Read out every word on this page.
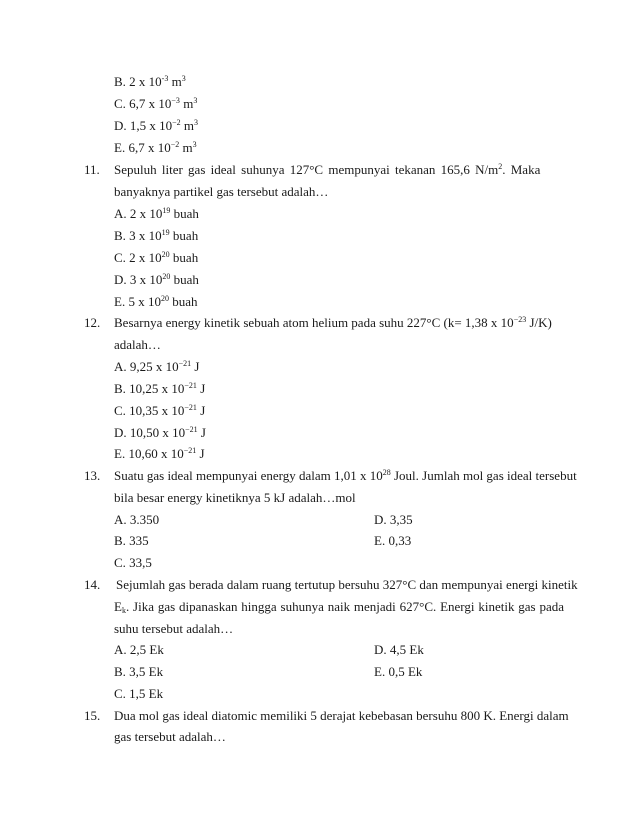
B. 2 x $10^{-3}$ $m^3$
C. 6,7 x $10^{-3}$ $m^3$
D. 1,5 x $10^{-2}$ $m^3$
E. 6,7 x $10^{-2}$ $m^3$
11. Sepuluh liter gas ideal suhunya 127°C mempunyai tekanan 165,6 $N/m^2$. Maka
banyaknya partikel gas tersebut adalah…
A. 2 x $10^{19}$ buah
B. 3 x $10^{19}$ buah
C. 2 x $10^{20}$ buah
D. 3 x $10^{20}$ buah
E. 5 x $10^{20}$ buah
12. Besarnya energy kinetik sebuah atom helium pada suhu 227°C (k= 1,38 x $10^{-23}$ J/K)
adalah…
A. 9,25 x $10^{-21}$ J
B. 10,25 x $10^{-21}$ J
C. 10,35 x $10^{-21}$ J
D. 10,50 x $10^{-21}$ J
E. 10,60 x $10^{-21}$ J
13. Suatu gas ideal mempunyai energy dalam 1,01 x $10^{28}$ Joul. Jumlah mol gas ideal tersebut
bila besar energy kinetiknya 5 kJ adalah…mol
A. 3.350	D. 3,35
B. 335	E. 0,33
C. 33,5
14. Sejumlah gas berada dalam ruang tertutup bersuhu 327°C dan mempunyai energi kinetik
$E_k$. Jika gas dipanaskan hingga suhunya naik menjadi 627°C. Energi kinetik gas pada
suhu tersebut adalah…
A. 2,5 Ek	D. 4,5 Ek
B. 3,5 Ek	E. 0,5 Ek
C. 1,5 Ek
15. Dua mol gas ideal diatomic memiliki 5 derajat kebebasan bersuhu 800 K. Energi dalam
gas tersebut adalah…
